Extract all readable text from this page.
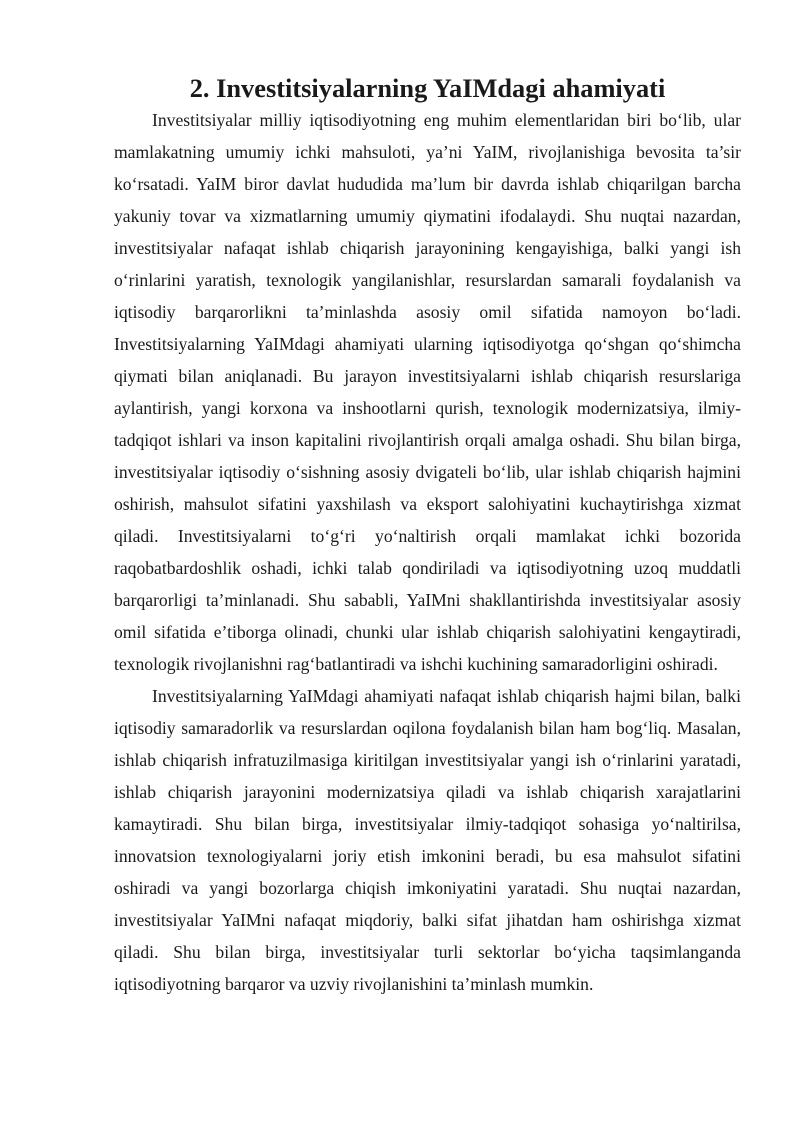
2. Investitsiyalarning YaIMdagi ahamiyati

Investitsiyalar milliy iqtisodiyotning eng muhim elementlaridan biri bo‘lib, ular mamlakatning umumiy ichki mahsuloti, ya’ni YaIM, rivojlanishiga bevosita ta’sir ko‘rsatadi. YaIM biror davlat hududida ma’lum bir davrda ishlab chiqarilgan barcha yakuniy tovar va xizmatlarning umumiy qiymatini ifodalaydi. Shu nuqtai nazardan, investitsiyalar nafaqat ishlab chiqarish jarayonining kengayishiga, balki yangi ish o‘rinlarini yaratish, texnologik yangilanishlar, resurslardan samarali foydalanish va iqtisodiy barqarorlikni ta’minlashda asosiy omil sifatida namoyon bo‘ladi. Investitsiyalarning YaIMdagi ahamiyati ularning iqtisodiyotga qo‘shgan qo‘shimcha qiymati bilan aniqlanadi. Bu jarayon investitsiyalarni ishlab chiqarish resurslariga aylantirish, yangi korxona va inshootlarni qurish, texnologik modernizatsiya, ilmiy-tadqiqot ishlari va inson kapitalini rivojlantirish orqali amalga oshadi. Shu bilan birga, investitsiyalar iqtisodiy o‘sishning asosiy dvigateli bo‘lib, ular ishlab chiqarish hajmini oshirish, mahsulot sifatini yaxshilash va eksport salohiyatini kuchaytirishga xizmat qiladi. Investitsiyalarni to‘g‘ri yo‘naltirish orqali mamlakat ichki bozorida raqobatbardoshlik oshadi, ichki talab qondiriladi va iqtisodiyotning uzoq muddatli barqarorligi ta’minlanadi. Shu sababli, YaIMni shakllantirishda investitsiyalar asosiy omil sifatida e’tiborga olinadi, chunki ular ishlab chiqarish salohiyatini kengaytiradi, texnologik rivojlanishni rag‘batlantiradi va ishchi kuchining samaradorligini oshiradi.

Investitsiyalarning YaIMdagi ahamiyati nafaqat ishlab chiqarish hajmi bilan, balki iqtisodiy samaradorlik va resurslardan oqilona foydalanish bilan ham bog‘liq. Masalan, ishlab chiqarish infratuzilmasiga kiritilgan investitsiyalar yangi ish o‘rinlarini yaratadi, ishlab chiqarish jarayonini modernizatsiya qiladi va ishlab chiqarish xarajatlarini kamaytiradi. Shu bilan birga, investitsiyalar ilmiy-tadqiqot sohasiga yo‘naltirilsa, innovatsion texnologiyalarni joriy etish imkonini beradi, bu esa mahsulot sifatini oshiradi va yangi bozorlarga chiqish imkoniyatini yaratadi. Shu nuqtai nazardan, investitsiyalar YaIMni nafaqat miqdoriy, balki sifat jihatdan ham oshirishga xizmat qiladi. Shu bilan birga, investitsiyalar turli sektorlar bo‘yicha taqsimlanganda iqtisodiyotning barqaror va uzviy rivojlanishini ta’minlash mumkin.
